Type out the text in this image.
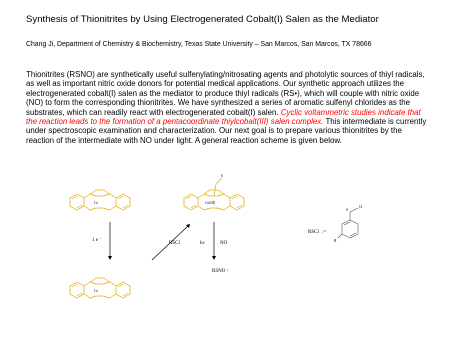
Synthesis of Thionitrites by Using Electrogenerated Cobalt(I) Salen as the Mediator
Chang Ji, Department of Chemistry & Biochemistry, Texas State University – San Marcos, San Marcos, TX 78666
Thionitrites (RSNO) are synthetically useful sulfenylating/nitrosating agents and photolytic sources of thiyl radicals, as well as important nitric oxide donors for potential medical applications. Our synthetic approach utilizes the electrogenerated cobalt(I) salen as the mediator to produce thiyl radicals (RS•), which will couple with nitric oxide (NO) to form the corresponding thionitrites. We have synthesized a series of aromatic sulfenyl chlorides as the substrates, which can readily react with electrogenerated cobalt(I) salen. Cyclic voltammetric studies indicate that the reaction leads to the formation of a pentacoordinate thiylcobalt(III) salen complex. This intermediate is currently under spectroscopic examination and characterization. Our next goal is to prepare various thionitrites by the reaction of the intermediate with NO under light. A general reaction scheme is given below.
Co
S
Co(III)
1 e ⁻
RSCl	hν	NO
RSNO ↑
Co
RSCl :=
S
Cl
R
